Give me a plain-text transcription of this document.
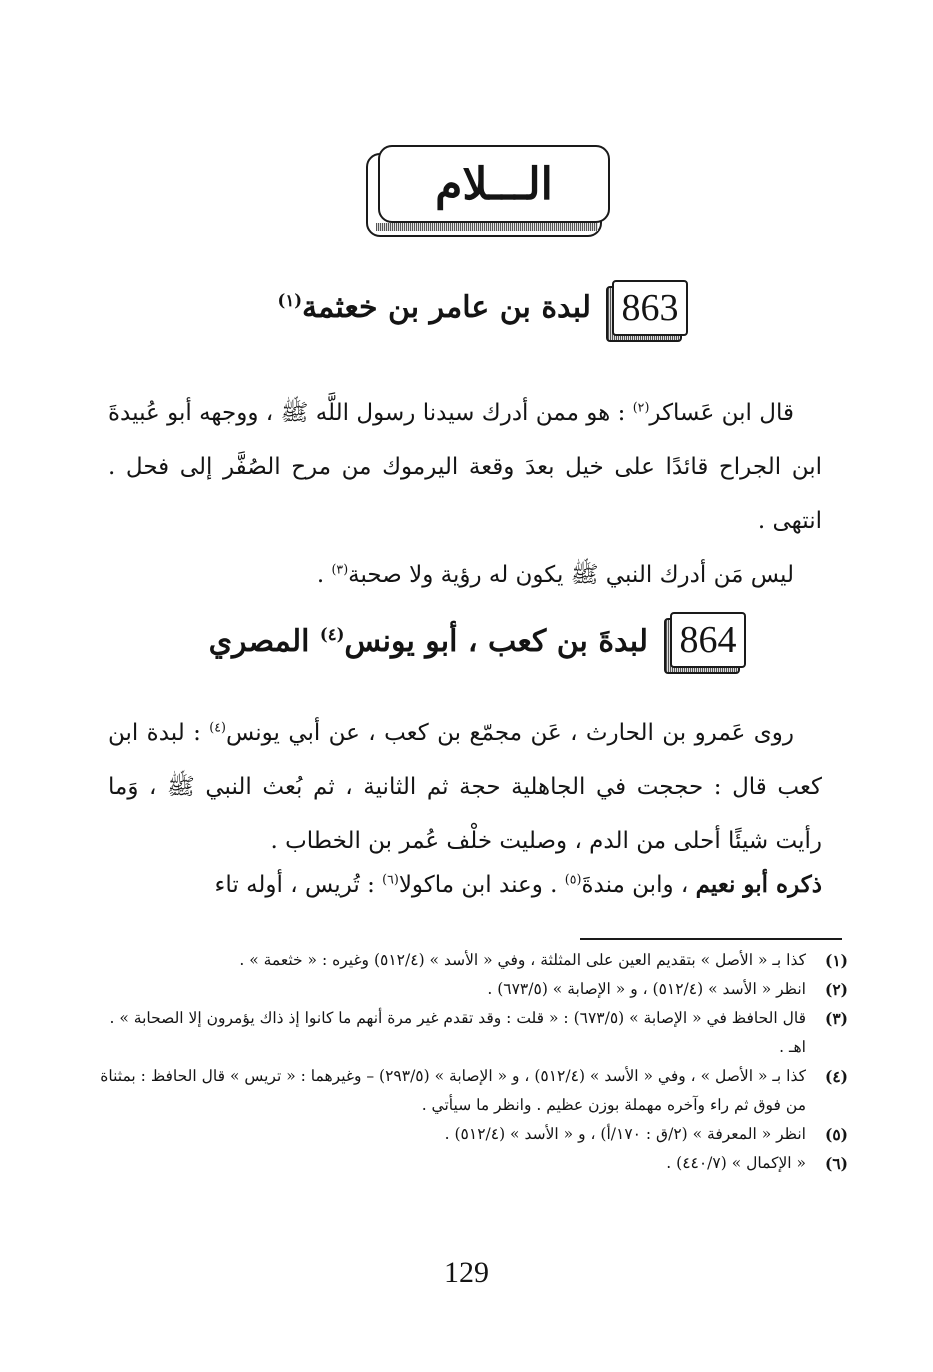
الـــلام
863
لبدة بن عامر بن خعثمة$^{(١)}$
قال ابن عَساكر$^{(٢)}$ : هو ممن أدرك سيدنا رسول اللَّه ﷺ ، ووجهه أبو عُبيدةَ ابن الجراح قائدًا على خيل بعدَ وقعة اليرموك من مرح الصُفَّر إلى فحل . انتهى .
ليس مَن أدرك النبي ﷺ يكون له رؤية ولا صحبة$^{(٣)}$ .
864
لبدةَ بن كعب ، أبو يونس$^{(٤)}$ المصري
روى عَمرو بن الحارث ، عَن مجمّع بن كعب ، عن أبي يونس$^{(٤)}$ : لبدة ابن كعب قال : حججت في الجاهلية حجة ثم الثانية ، ثم بُعث النبي ﷺ ، وَما رأيت شيئًا أحلى من الدم ، وصليت خلْف عُمر بن الخطاب .
ذكره أبو نعيم ، وابن مندةَ$^{(٥)}$ . وعند ابن ماكولا$^{(٦)}$ : تُريس ، أوله تاء
(١)
كذا بـ « الأصل » بتقديم العين على المثلثة ، وفي « الأسد » (٥١٢/٤) وغيره : « خثعمة » .
(٢)
انظر « الأسد » (٥١٢/٤) ، و « الإصابة » (٦٧٣/٥) .
(٣)
قال الحافظ في « الإصابة » (٦٧٣/٥) : « قلت : وقد تقدم غير مرة أنهم ما كانوا إذ ذاك يؤمرون إلا الصحابة » . اهـ .
(٤)
كذا بـ « الأصل » ، وفي « الأسد » (٥١٢/٤) ، و « الإصابة » (٢٩٣/٥) – وغيرهما : « تريس » قال الحافظ : بمثناة من فوق ثم راء وآخره مهملة بوزن عظيم . وانظر ما سيأتي .
(٥)
انظر « المعرفة » (٢/ق : ١٧٠/أ) ، و « الأسد » (٥١٢/٤) .
(٦)
« الإكمال » (٤٤٠/٧) .
129
